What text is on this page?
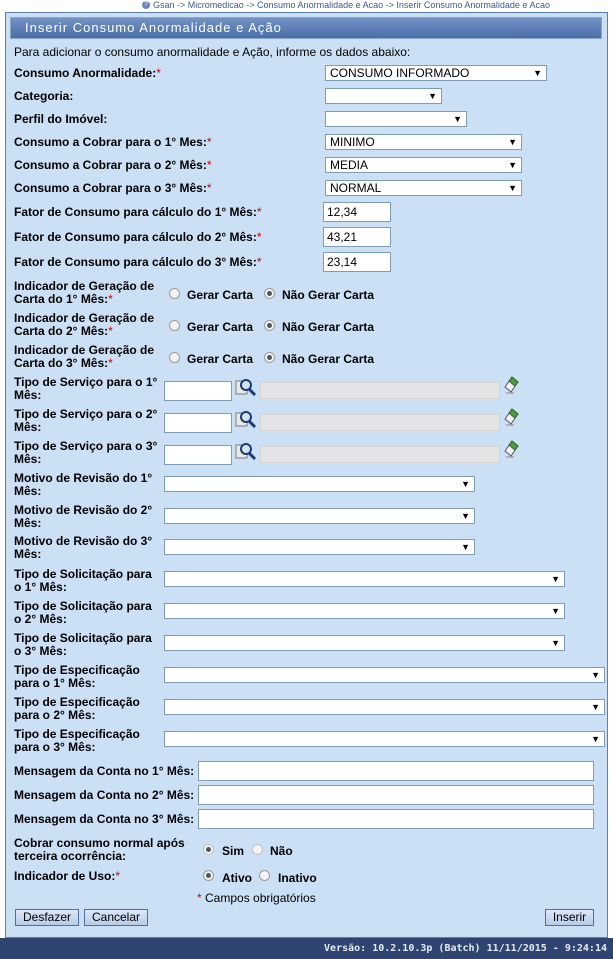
? Gsan -> Micromedicao -> Consumo Anormalidade e Acao -> Inserir Consumo Anormalidade e Acao
Inserir Consumo Anormalidade e Ação
Para adicionar o consumo anormalidade e Ação, informe os dados abaixo:
Consumo Anormalidade:*	CONSUMO INFORMADO	▼
Categoria:	▼
Perfil do Imóvel:	▼
Consumo a Cobrar para o 1° Mes:*	MINIMO	▼
Consumo a Cobrar para o 2° Mês:*	MEDIA	▼
Consumo a Cobrar para o 3° Mês:*	NORMAL	▼
Fator de Consumo para cálculo do 1° Mês:*	12,34
Fator de Consumo para cálculo do 2° Mês:*	43,21
Fator de Consumo para cálculo do 3° Mês:*	23,14
Indicador de Geração de
Carta do 1° Mês:*	Gerar Carta Não Gerar Carta
Indicador de Geração de
Carta do 2° Mês:*	Gerar Carta Não Gerar Carta
Indicador de Geração de
Carta do 3° Mês:*	Gerar Carta Não Gerar Carta
Tipo de Serviço para o 1°
Mês:
Tipo de Serviço para o 2°
Mês:
Tipo de Serviço para o 3°
Mês:
Motivo de Revisão do 1°
Mês:	▼
Motivo de Revisão do 2°
Mês:	▼
Motivo de Revisão do 3°
Mês:	▼
Tipo de Solicitação para
o 1° Mês:
▼
Tipo de Solicitação para
o 2° Mês:
▼
Tipo de Solicitação para
o 3° Mês:
▼
Tipo de Especificação
para o 1° Mês:
▼
Tipo de Especificação
para o 2° Mês:
▼
Tipo de Especificação
para o 3° Mês:
▼
Mensagem da Conta no 1° Mês:
Mensagem da Conta no 2° Mês:
Mensagem da Conta no 3° Mês:
Cobrar consumo normal após
terceira ocorrência:	Sim Não
Indicador de Uso:*	Ativo Inativo
* Campos obrigatórios
Desfazer	Cancelar	Inserir
Versão: 10.2.10.3p (Batch) 11/11/2015 - 9:24:14
